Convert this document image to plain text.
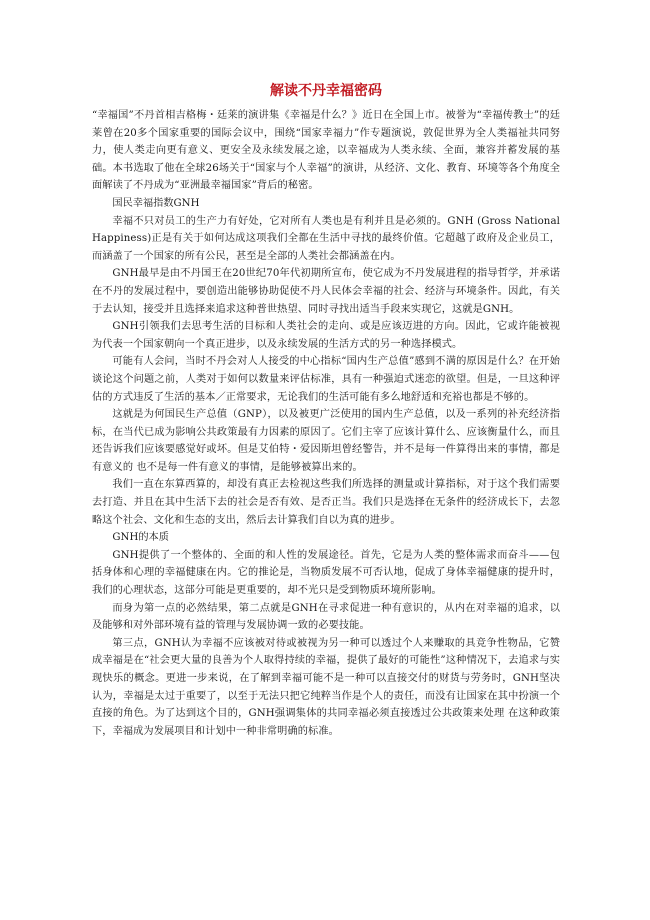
解读不丹幸福密码

“幸福国”不丹首相吉格梅・廷莱的演讲集《幸福是什么？》近日在全国上市。被誉为“幸福传教士”的廷莱曾在20多个国家重要的国际会议中，围绕“国家幸福力”作专题演说，敦促世界为全人类福祉共同努力，使人类走向更有意义、更安全及永续发展之途，以幸福成为人类永续、全面，兼容并蓄发展的基础。本书选取了他在全球26场关于“国家与个人幸福”的演讲，从经济、文化、教育、环境等各个角度全面解读了不丹成为“亚洲最幸福国家”背后的秘密。

国民幸福指数GNH

幸福不只对员工的生产力有好处，它对所有人类也是有利并且是必须的。GNH (Gross National Happiness)正是有关于如何达成这项我们全都在生活中寻找的最终价值。它超越了政府及企业员工，而涵盖了一个国家的所有公民，甚至是全部的人类社会都涵盖在内。

GNH最早是由不丹国王在20世纪70年代初期所宣布，使它成为不丹发展进程的指导哲学，并承诺在不丹的发展过程中，要创造出能够协助促使不丹人民体会幸福的社会、经济与环境条件。因此，有关于去认知，接受并且选择来追求这种普世热望、同时寻找出适当手段来实现它，这就是GNH。

GNH引领我们去思考生活的目标和人类社会的走向、或是应该迈进的方向。因此，它或许能被视为代表一个国家朝向一个真正进步，以及永续发展的生活方式的另一种选择模式。

可能有人会问，当时不丹会对人人接受的中心指标“国内生产总值”感到不满的原因是什么？在开始谈论这个问题之前，人类对于如何以数量来评估标准，具有一种强迫式迷恋的欲望。但是，一旦这种评估的方式违反了生活的基本／正常要求，无论我们的生活可能有多么地舒适和充裕也都是不够的。

这就是为何国民生产总值（GNP），以及被更广泛使用的国内生产总值，以及一系列的补充经济指标，在当代已成为影响公共政策最有力因素的原因了。它们主宰了应该计算什么、应该衡量什么，而且还告诉我们应该要感觉好或坏。但是艾伯特・爱因斯坦曾经警告，并不是每一件算得出来的事情，都是有意义的 也不是每一件有意义的事情，是能够被算出来的。

我们一直在东算西算的，却没有真正去检视这些我们所选择的测量或计算指标，对于这个我们需要去打造、并且在其中生活下去的社会是否有效、是否正当。我们只是选择在无条件的经济成长下，去忽略这个社会、文化和生态的支出，然后去计算我们自以为真的进步。

GNH的本质

GNH提供了一个整体的、全面的和人性的发展途径。首先，它是为人类的整体需求而奋斗——包括身体和心理的幸福健康在内。它的推论是，当物质发展不可否认地，促成了身体幸福健康的提升时，我们的心理状态，这部分可能是更重要的，却不光只是受到物质环境所影响。

而身为第一点的必然结果，第二点就是GNH在寻求促进一种有意识的，从内在对幸福的追求，以及能够和对外部环境有益的管理与发展协调一致的必要技能。

第三点，GNH认为幸福不应该被对待或被视为另一种可以透过个人来赚取的具竞争性物品，它赞成幸福是在“社会更大量的良善为个人取得持续的幸福，提供了最好的可能性”这种情况下，去追求与实现快乐的概念。更进一步来说，在了解到幸福可能不是一种可以直接交付的财货与劳务时，GNH坚决认为，幸福是太过于重要了，以至于无法只把它纯粹当作是个人的责任，而没有让国家在其中扮演一个直接的角色。为了达到这个目的，GNH强调集体的共同幸福必须直接透过公共政策来处理 在这种政策下，幸福成为发展项目和计划中一种非常明确的标准。
